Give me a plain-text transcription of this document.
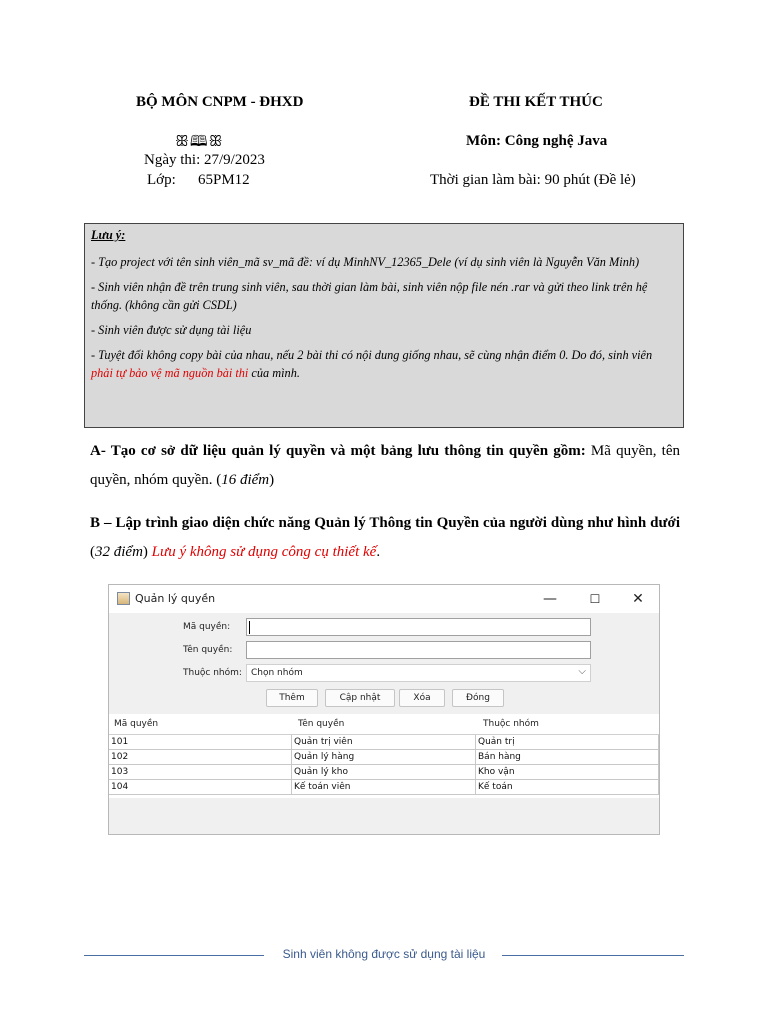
BỘ MÔN CNPM - ĐHXD
ꕥ🕮ꕥ
Ngày thi: 27/9/2023
Lớp: 65PM12
ĐỀ THI KẾT THÚC
Môn: Công nghệ Java
Thời gian làm bài: 90 phút (Đề lẻ)

Lưu ý:

- Tạo project với tên sinh viên_mã sv_mã đề: ví dụ MinhNV_12365_Dele (ví dụ sinh viên là Nguyễn Văn Minh)

- Sinh viên nhận đề trên trung sinh viên, sau thời gian làm bài, sinh viên nộp file nén .rar và gửi theo link trên hệ thống. (không cần gửi CSDL)

- Sinh viên được sử dụng tài liệu

- Tuyệt đối không copy bài của nhau, nếu 2 bài thi có nội dung giống nhau, sẽ cùng nhận điểm 0. Do đó, sinh viên phải tự bảo vệ mã nguồn bài thi của mình.

A- Tạo cơ sở dữ liệu quản lý quyền và một bảng lưu thông tin quyền gồm: Mã quyền, tên quyền, nhóm quyền. (16 điểm)
B – Lập trình giao diện chức năng Quản lý Thông tin Quyền của người dùng như hình dưới (32 điểm) Lưu ý không sử dụng công cụ thiết kế.
Quản lý quyền	—	☐	✕
Mã quyền:
Tên quyền:
Thuộc nhóm:	Chọn nhóm	⌵
Thêm	Cập nhật	Xóa	Đóng
Mã quyền	Tên quyền	Thuộc nhóm
101	Quản trị viên	Quản trị
102	Quản lý hàng	Bán hàng
103	Quản lý kho	Kho vận
104	Kế toán viên	Kế toán
Sinh viên không được sử dụng tài liệu
